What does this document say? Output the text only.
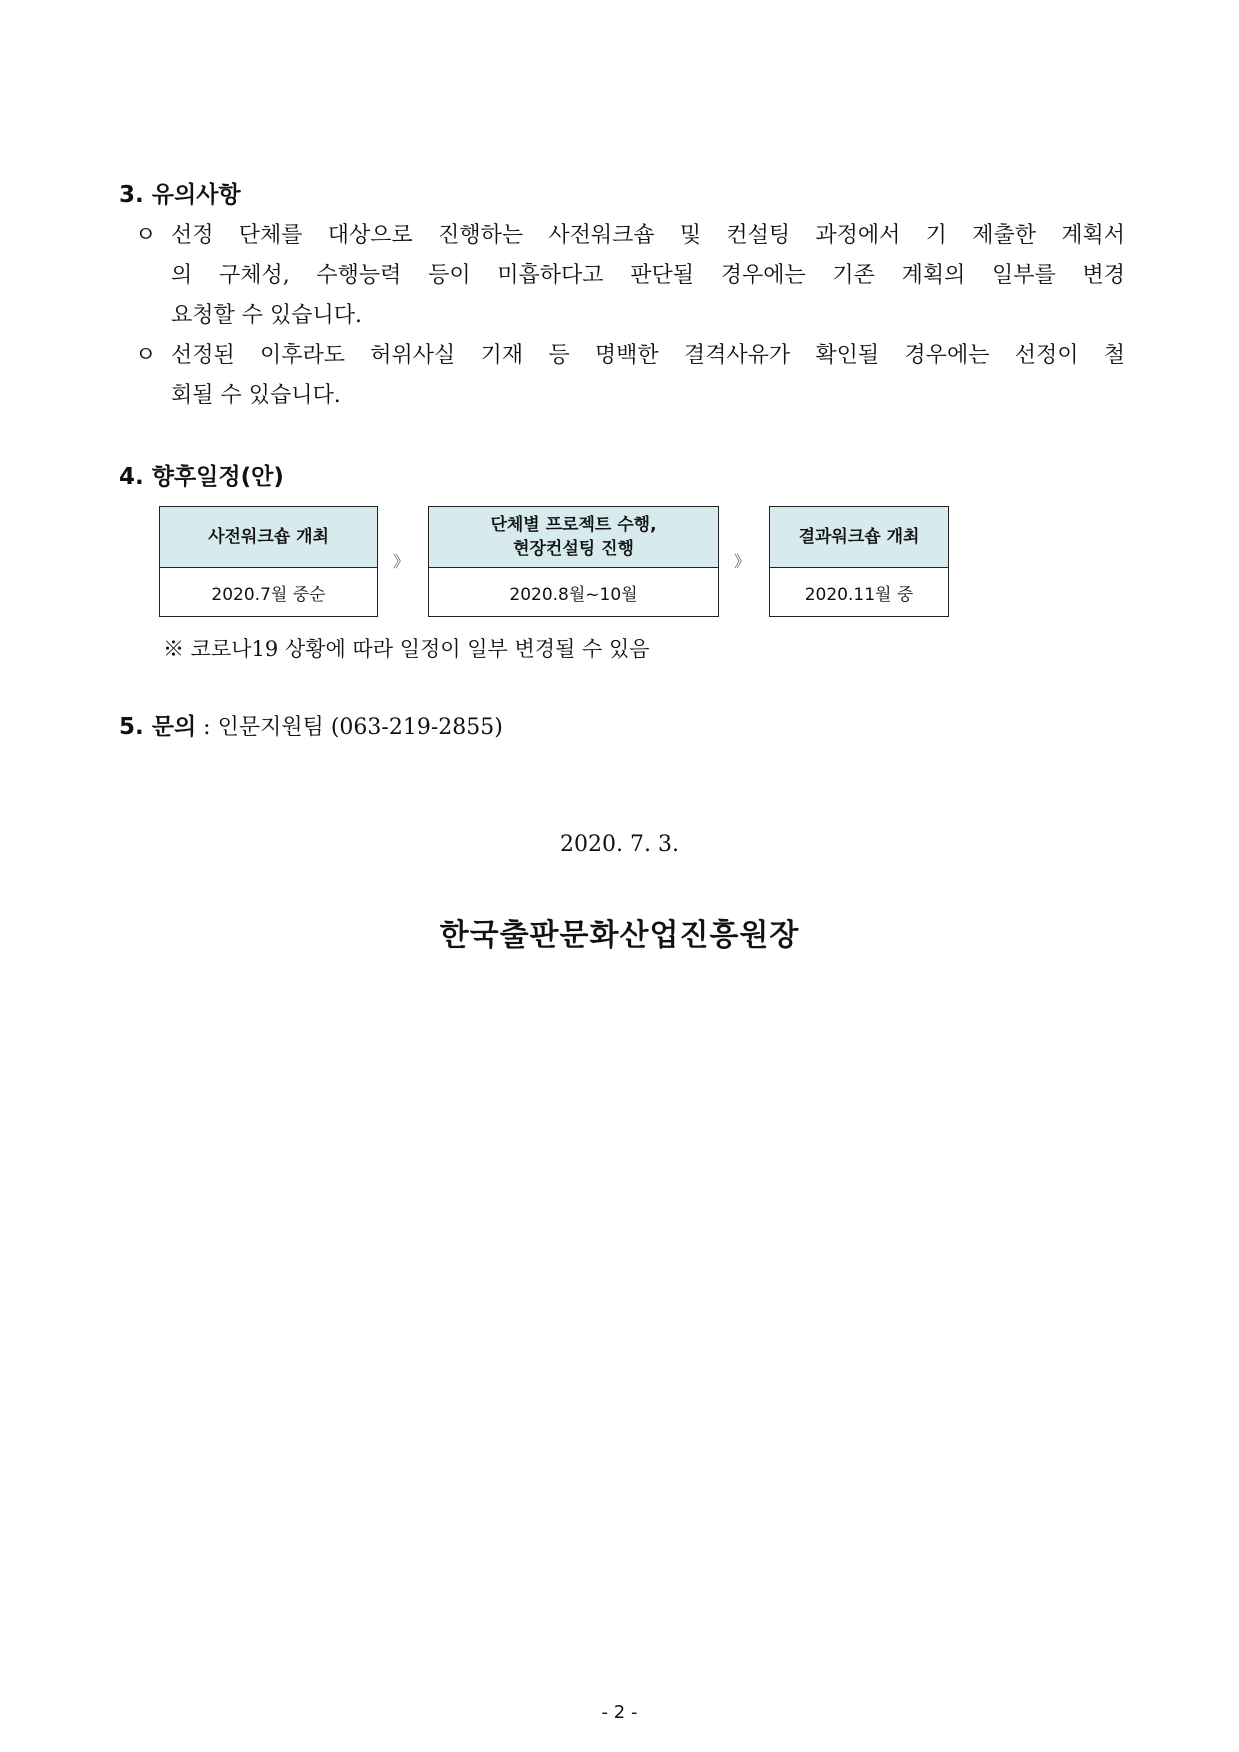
3. 유의사항
ㅇ 선정 단체를 대상으로 진행하는 사전워크숍 및 컨설팅 과정에서 기 제출한 계획서
의 구체성, 수행능력 등이 미흡하다고 판단될 경우에는 기존 계획의 일부를 변경
요청할 수 있습니다.
ㅇ 선정된 이후라도 허위사실 기재 등 명백한 결격사유가 확인될 경우에는 선정이 철
회될 수 있습니다.
4. 향후일정(안)
사전워크숍 개최
2020.7월 중순
》
단체별 프로젝트 수행,
현장컨설팅 진행
2020.8월~10월
》
결과워크숍 개최
2020.11월 중
※ 코로나19 상황에 따라 일정이 일부 변경될 수 있음
5. 문의 : 인문지원팀 (063-219-2855)
2020. 7. 3.
한국출판문화산업진흥원장
- 2 -
